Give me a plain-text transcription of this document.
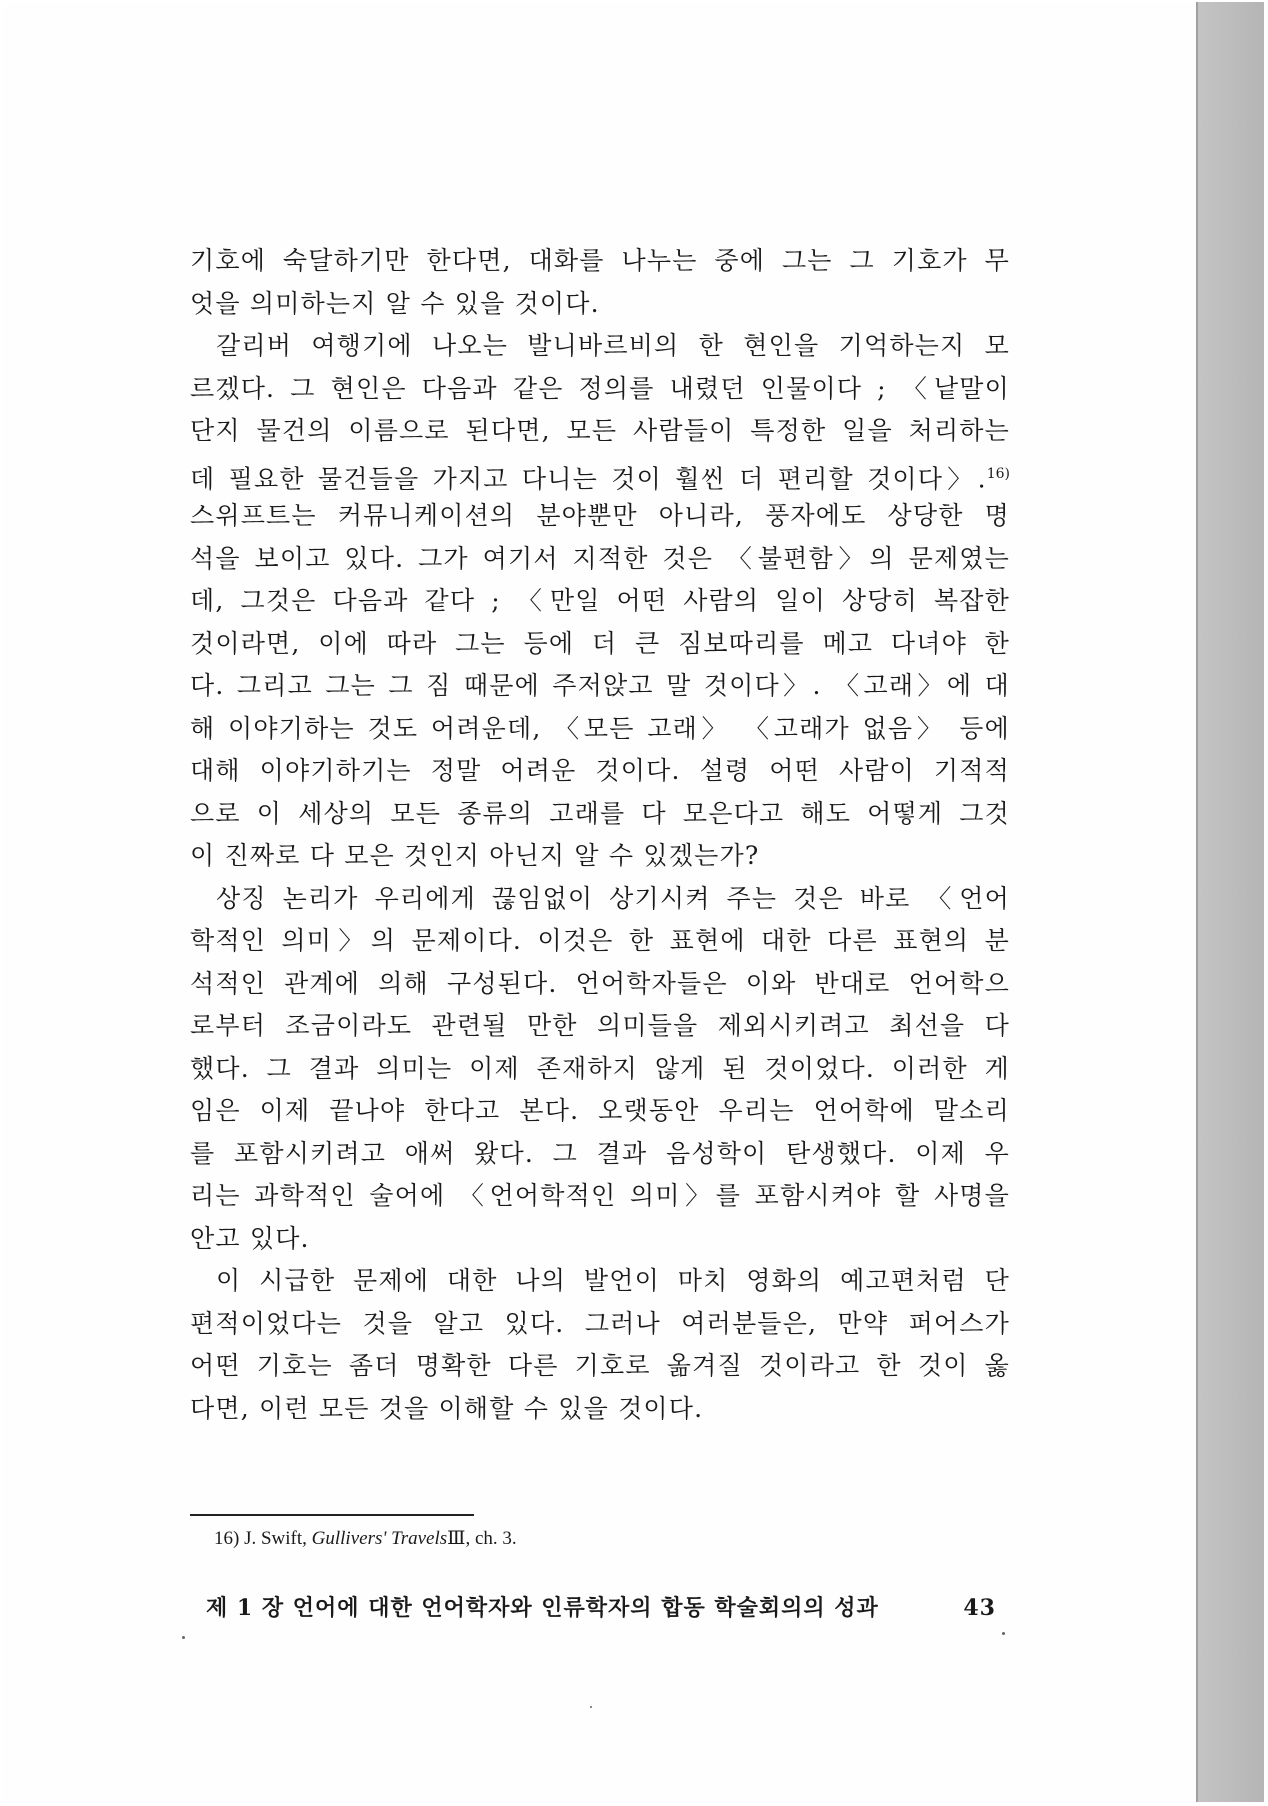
기호에 숙달하기만 한다면, 대화를 나누는 중에 그는 그 기호가 무
엇을 의미하는지 알 수 있을 것이다.
갈리버 여행기에 나오는 발니바르비의 한 현인을 기억하는지 모
르겠다. 그 현인은 다음과 같은 정의를 내렸던 인물이다 ; 〈낱말이
단지 물건의 이름으로 된다면, 모든 사람들이 특정한 일을 처리하는
데 필요한 물건들을 가지고 다니는 것이 훨씬 더 편리할 것이다〉.$^{16)}$
스위프트는 커뮤니케이션의 분야뿐만 아니라, 풍자에도 상당한 명
석을 보이고 있다. 그가 여기서 지적한 것은 〈불편함〉의 문제였는
데, 그것은 다음과 같다 ; 〈만일 어떤 사람의 일이 상당히 복잡한
것이라면, 이에 따라 그는 등에 더 큰 짐보따리를 메고 다녀야 한
다. 그리고 그는 그 짐 때문에 주저앉고 말 것이다〉. 〈고래〉에 대
해 이야기하는 것도 어려운데, 〈모든 고래〉 〈고래가 없음〉 등에
대해 이야기하기는 정말 어려운 것이다. 설령 어떤 사람이 기적적
으로 이 세상의 모든 종류의 고래를 다 모은다고 해도 어떻게 그것
이 진짜로 다 모은 것인지 아닌지 알 수 있겠는가?
상징 논리가 우리에게 끊임없이 상기시켜 주는 것은 바로 〈언어
학적인 의미〉의 문제이다. 이것은 한 표현에 대한 다른 표현의 분
석적인 관계에 의해 구성된다. 언어학자들은 이와 반대로 언어학으
로부터 조금이라도 관련될 만한 의미들을 제외시키려고 최선을 다
했다. 그 결과 의미는 이제 존재하지 않게 된 것이었다. 이러한 게
임은 이제 끝나야 한다고 본다. 오랫동안 우리는 언어학에 말소리
를 포함시키려고 애써 왔다. 그 결과 음성학이 탄생했다. 이제 우
리는 과학적인 술어에 〈언어학적인 의미〉를 포함시켜야 할 사명을
안고 있다.
이 시급한 문제에 대한 나의 발언이 마치 영화의 예고편처럼 단
편적이었다는 것을 알고 있다. 그러나 여러분들은, 만약 퍼어스가
어떤 기호는 좀더 명확한 다른 기호로 옮겨질 것이라고 한 것이 옳
다면, 이런 모든 것을 이해할 수 있을 것이다.
16) J. Swift, Gullivers' TravelsⅢ, ch. 3.
제 1 장 언어에 대한 언어학자와 인류학자의 합동 학술회의의 성과	43
